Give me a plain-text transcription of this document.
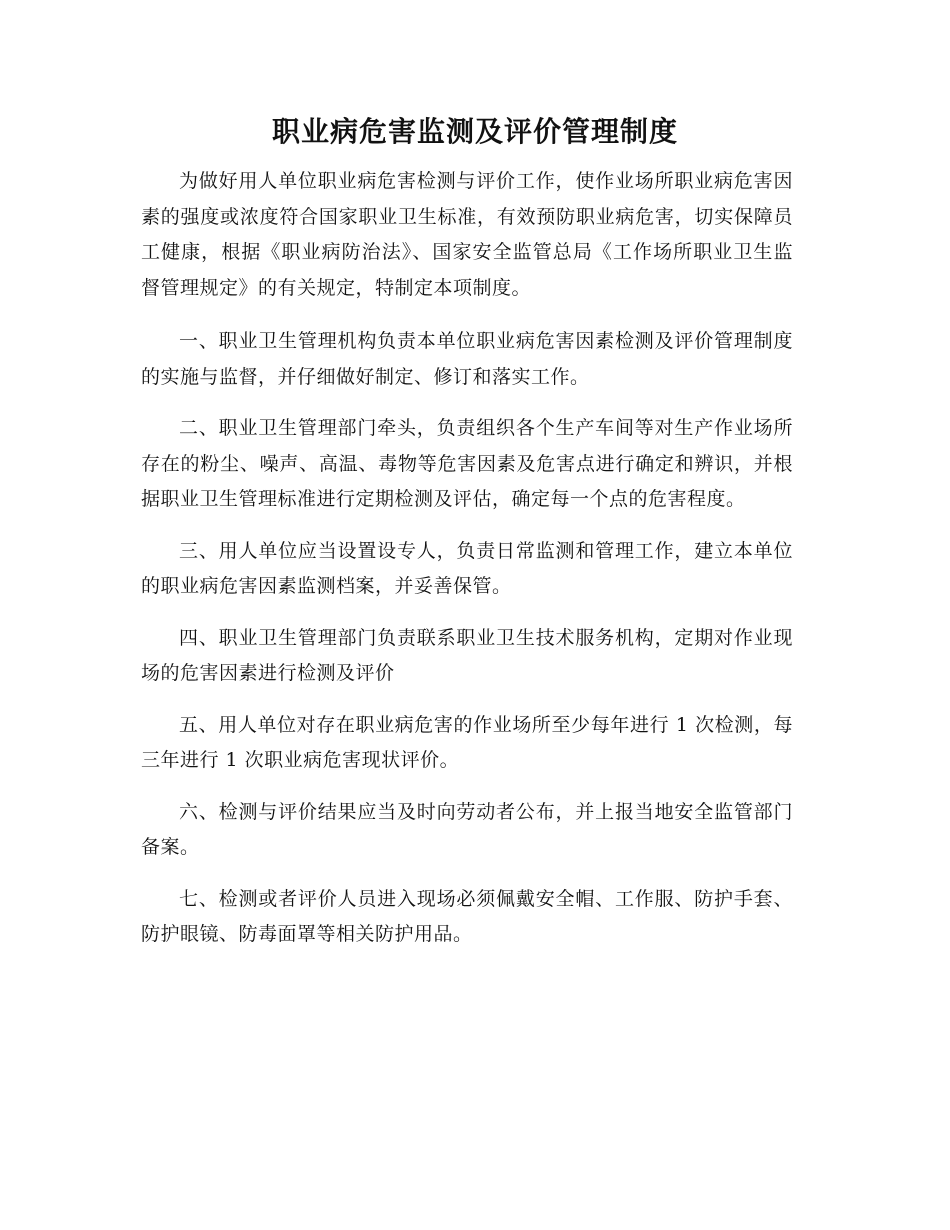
职业病危害监测及评价管理制度

为做好用人单位职业病危害检测与评价工作，使作业场所职业病危害因素的强度或浓度符合国家职业卫生标准，有效预防职业病危害，切实保障员工健康，根据《职业病防治法》、国家安全监管总局《工作场所职业卫生监督管理规定》的有关规定，特制定本项制度。

一、职业卫生管理机构负责本单位职业病危害因素检测及评价管理制度的实施与监督，并仔细做好制定、修订和落实工作。

二、职业卫生管理部门牵头，负责组织各个生产车间等对生产作业场所存在的粉尘、噪声、高温、毒物等危害因素及危害点进行确定和辨识，并根据职业卫生管理标准进行定期检测及评估，确定每一个点的危害程度。

三、用人单位应当设置设专人，负责日常监测和管理工作，建立本单位的职业病危害因素监测档案，并妥善保管。

四、职业卫生管理部门负责联系职业卫生技术服务机构，定期对作业现场的危害因素进行检测及评价

五、用人单位对存在职业病危害的作业场所至少每年进行 1 次检测，每三年进行 1 次职业病危害现状评价。

六、检测与评价结果应当及时向劳动者公布，并上报当地安全监管部门备案。

七、检测或者评价人员进入现场必须佩戴安全帽、工作服、防护手套、防护眼镜、防毒面罩等相关防护用品。
